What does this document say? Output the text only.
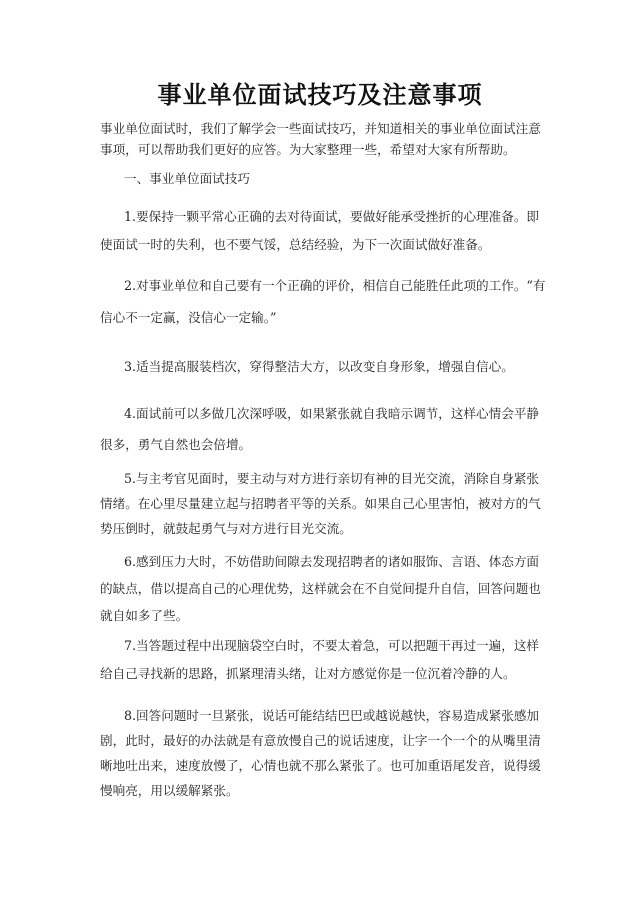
事业单位面试技巧及注意事项
事业单位面试时，我们了解学会一些面试技巧，并知道相关的事业单位面试注意事项，可以帮助我们更好的应答。为大家整理一些，希望对大家有所帮助。
一、事业单位面试技巧
1.要保持一颗平常心正确的去对待面试，要做好能承受挫折的心理准备。即使面试一时的失利，也不要气馁，总结经验，为下一次面试做好准备。
2.对事业单位和自己要有一个正确的评价，相信自己能胜任此项的工作。“有信心不一定赢，没信心一定输。”
3.适当提高服装档次，穿得整洁大方，以改变自身形象，增强自信心。
4.面试前可以多做几次深呼吸，如果紧张就自我暗示调节，这样心情会平静很多，勇气自然也会倍增。
5.与主考官见面时，要主动与对方进行亲切有神的目光交流，消除自身紧张情绪。在心里尽量建立起与招聘者平等的关系。如果自己心里害怕，被对方的气势压倒时，就鼓起勇气与对方进行目光交流。
6.感到压力大时，不妨借助间隙去发现招聘者的诸如服饰、言语、体态方面的缺点，借以提高自己的心理优势，这样就会在不自觉间提升自信，回答问题也就自如多了些。
7.当答题过程中出现脑袋空白时，不要太着急，可以把题干再过一遍，这样给自己寻找新的思路，抓紧理清头绪，让对方感觉你是一位沉着冷静的人。
8.回答问题时一旦紧张，说话可能结结巴巴或越说越快，容易造成紧张感加剧，此时，最好的办法就是有意放慢自己的说话速度，让字一个一个的从嘴里清晰地吐出来，速度放慢了，心情也就不那么紧张了。也可加重语尾发音，说得缓慢响亮，用以缓解紧张。
